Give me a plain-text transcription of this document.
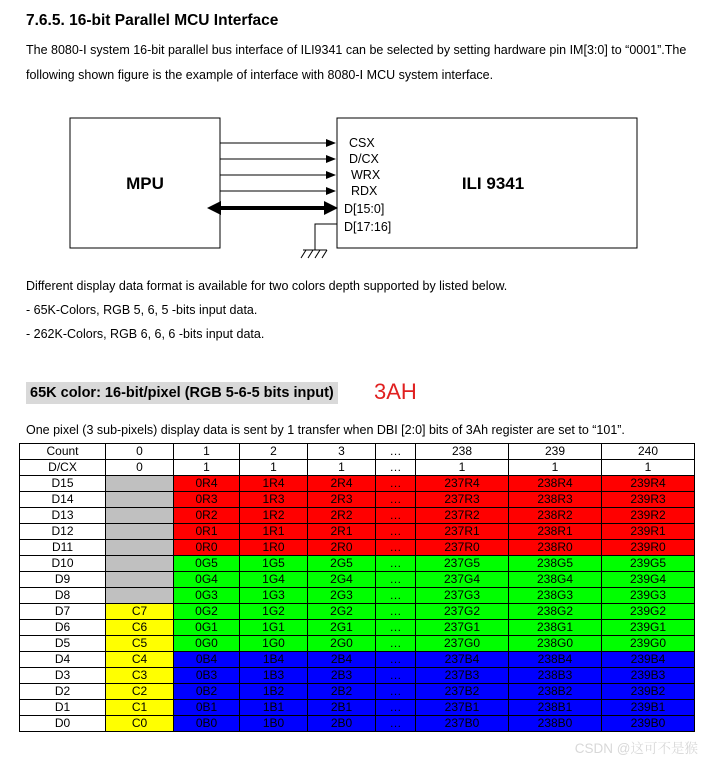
7.6.5. 16-bit Parallel MCU Interface
The 8080-Ⅰ system 16-bit parallel bus interface of ILI9341 can be selected by setting hardware pin IM[3:0] to “0001”.The following shown figure is the example of interface with 8080-Ⅰ MCU system interface.
MPU	ILI 9341
CSX
D/CX
WRX
RDX
D[15:0]
D[17:16]
Different display data format is available for two colors depth supported by listed below.
- 65K-Colors, RGB 5, 6, 5 -bits input data.
- 262K-Colors, RGB 6, 6, 6 -bits input data.
65K color: 16-bit/pixel (RGB 5-6-5 bits input) 3AH
One pixel (3 sub-pixels) display data is sent by 1 transfer when DBI [2:0] bits of 3Ah register are set to “101”.
Count	0	1	2	3	…	238	239	240
D/CX	0	1	1	1	…	1	1	1
D15		0R4	1R4	2R4	…	237R4	238R4	239R4
D14		0R3	1R3	2R3	…	237R3	238R3	239R3
D13		0R2	1R2	2R2	…	237R2	238R2	239R2
D12		0R1	1R1	2R1	…	237R1	238R1	239R1
D11		0R0	1R0	2R0	…	237R0	238R0	239R0
D10		0G5	1G5	2G5	…	237G5	238G5	239G5
D9		0G4	1G4	2G4	…	237G4	238G4	239G4
D8		0G3	1G3	2G3	…	237G3	238G3	239G3
D7	C7	0G2	1G2	2G2	…	237G2	238G2	239G2
D6	C6	0G1	1G1	2G1	…	237G1	238G1	239G1
D5	C5	0G0	1G0	2G0	…	237G0	238G0	239G0
D4	C4	0B4	1B4	2B4	…	237B4	238B4	239B4
D3	C3	0B3	1B3	2B3	…	237B3	238B3	239B3
D2	C2	0B2	1B2	2B2	…	237B2	238B2	239B2
D1	C1	0B1	1B1	2B1	…	237B1	238B1	239B1
D0	C0	0B0	1B0	2B0	…	237B0	238B0	239B0
CSDN @这可不是猴
